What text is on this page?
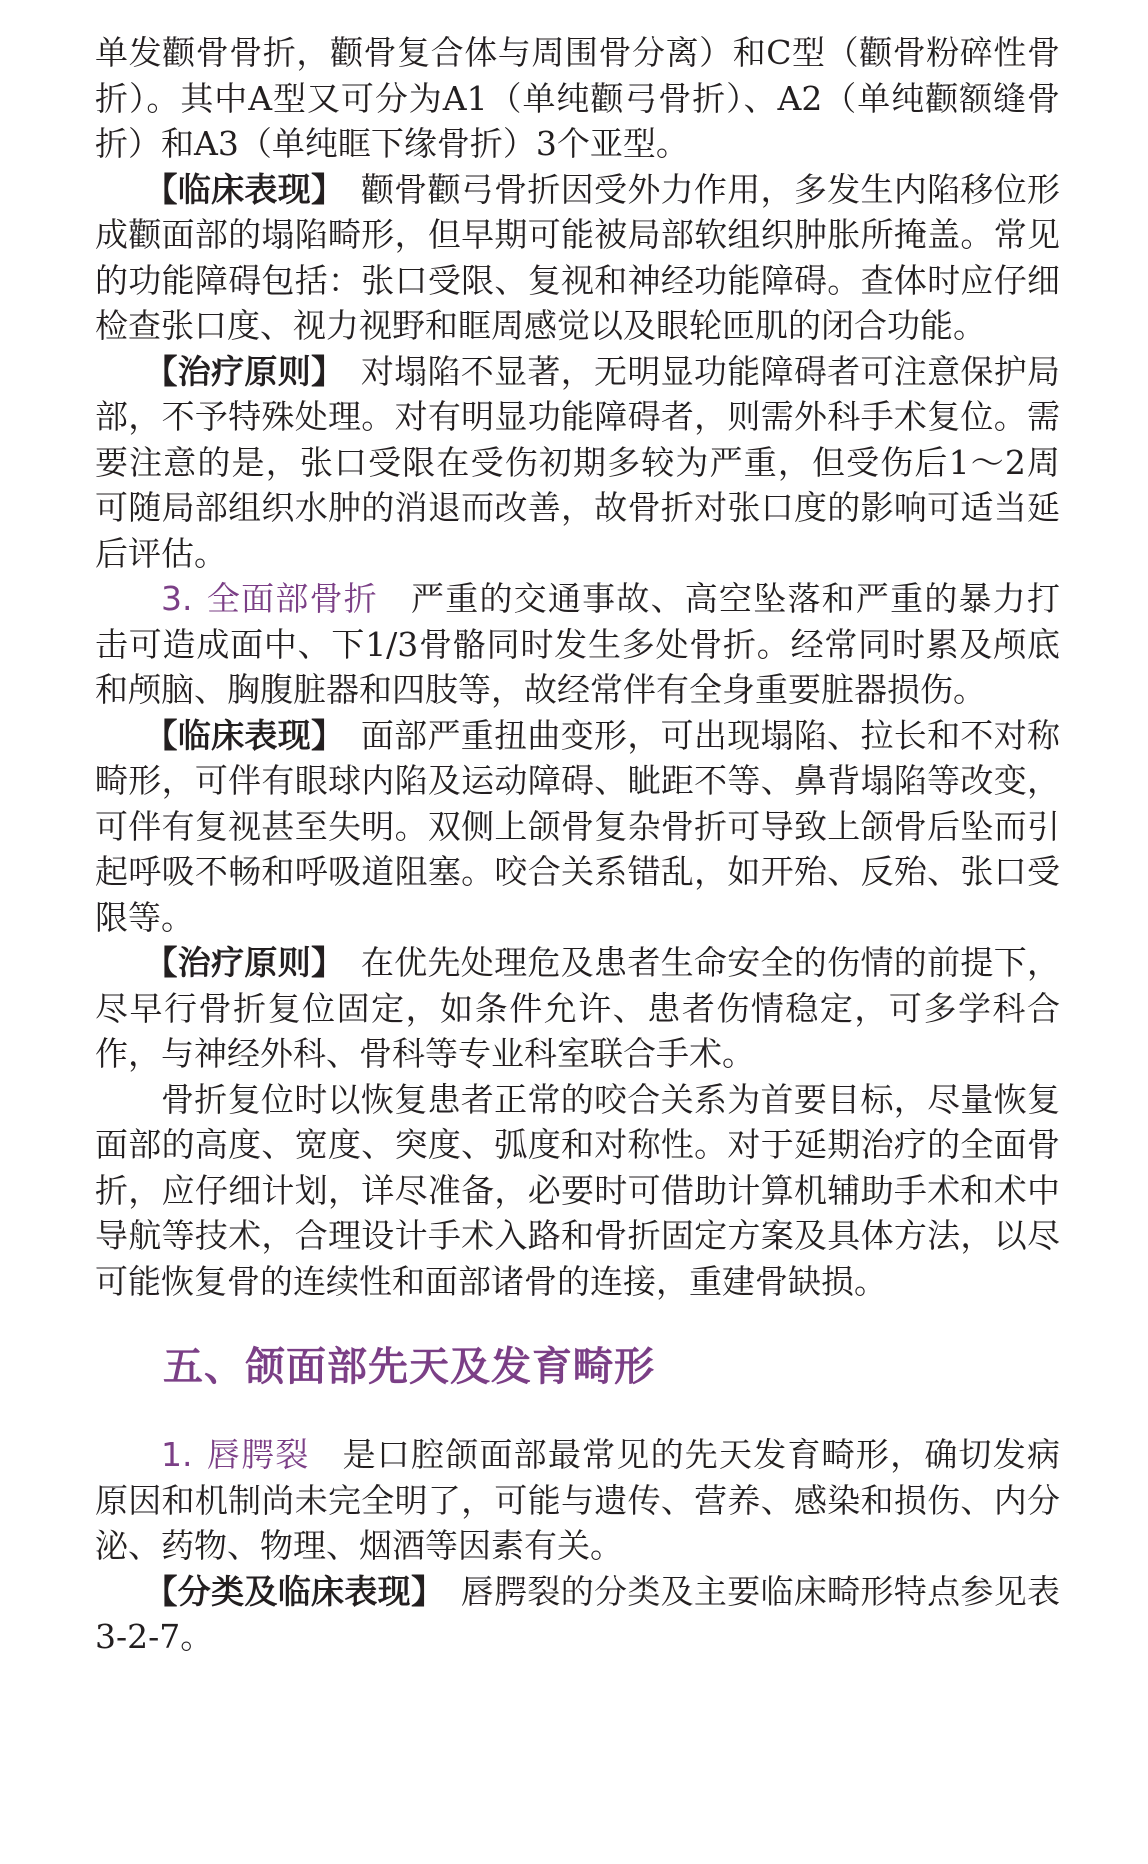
单发颧骨骨折，颧骨复合体与周围骨分离）和C型（颧骨粉碎性骨折）。其中A型又可分为A1（单纯颧弓骨折）、A2（单纯颧额缝骨折）和A3（单纯眶下缘骨折）3个亚型。

【临床表现】 颧骨颧弓骨折因受外力作用，多发生内陷移位形成颧面部的塌陷畸形，但早期可能被局部软组织肿胀所掩盖。常见的功能障碍包括：张口受限、复视和神经功能障碍。查体时应仔细检查张口度、视力视野和眶周感觉以及眼轮匝肌的闭合功能。

【治疗原则】 对塌陷不显著，无明显功能障碍者可注意保护局部，不予特殊处理。对有明显功能障碍者，则需外科手术复位。需要注意的是，张口受限在受伤初期多较为严重，但受伤后1～2周可随局部组织水肿的消退而改善，故骨折对张口度的影响可适当延后评估。

3. 全面部骨折 严重的交通事故、高空坠落和严重的暴力打击可造成面中、下1/3骨骼同时发生多处骨折。经常同时累及颅底和颅脑、胸腹脏器和四肢等，故经常伴有全身重要脏器损伤。

【临床表现】 面部严重扭曲变形，可出现塌陷、拉长和不对称畸形，可伴有眼球内陷及运动障碍、眦距不等、鼻背塌陷等改变，可伴有复视甚至失明。双侧上颌骨复杂骨折可导致上颌骨后坠而引起呼吸不畅和呼吸道阻塞。咬合关系错乱，如开殆、反殆、张口受限等。

【治疗原则】 在优先处理危及患者生命安全的伤情的前提下，尽早行骨折复位固定，如条件允许、患者伤情稳定，可多学科合作，与神经外科、骨科等专业科室联合手术。

骨折复位时以恢复患者正常的咬合关系为首要目标，尽量恢复面部的高度、宽度、突度、弧度和对称性。对于延期治疗的全面骨折，应仔细计划，详尽准备，必要时可借助计算机辅助手术和术中导航等技术，合理设计手术入路和骨折固定方案及具体方法，以尽可能恢复骨的连续性和面部诸骨的连接，重建骨缺损。

五、颌面部先天及发育畸形

1. 唇腭裂 是口腔颌面部最常见的先天发育畸形，确切发病原因和机制尚未完全明了，可能与遗传、营养、感染和损伤、内分泌、药物、物理、烟酒等因素有关。

【分类及临床表现】 唇腭裂的分类及主要临床畸形特点参见表3-2-7。
